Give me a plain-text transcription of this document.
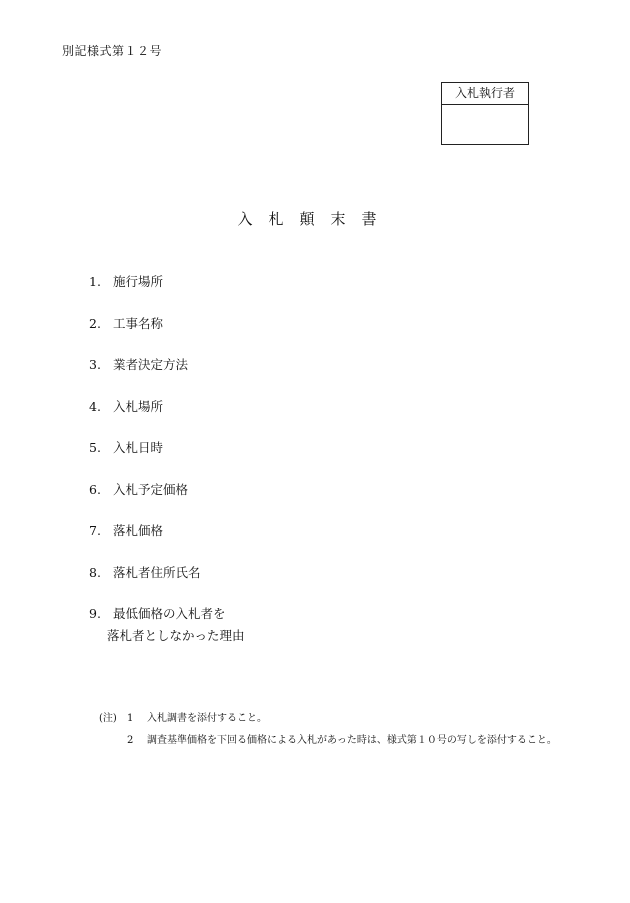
別記様式第１２号
入札執行者
入札顛末書
1. 施行場所
2. 工事名称
3. 業者決定方法
4. 入札場所
5. 入札日時
6. 入札予定価格
7. 落札価格
8. 落札者住所氏名
9. 最低価格の入札者を
落札者としなかった理由
(注) 1 入札調書を添付すること。
2 調査基準価格を下回る価格による入札があった時は、様式第１０号の写しを添付すること。
